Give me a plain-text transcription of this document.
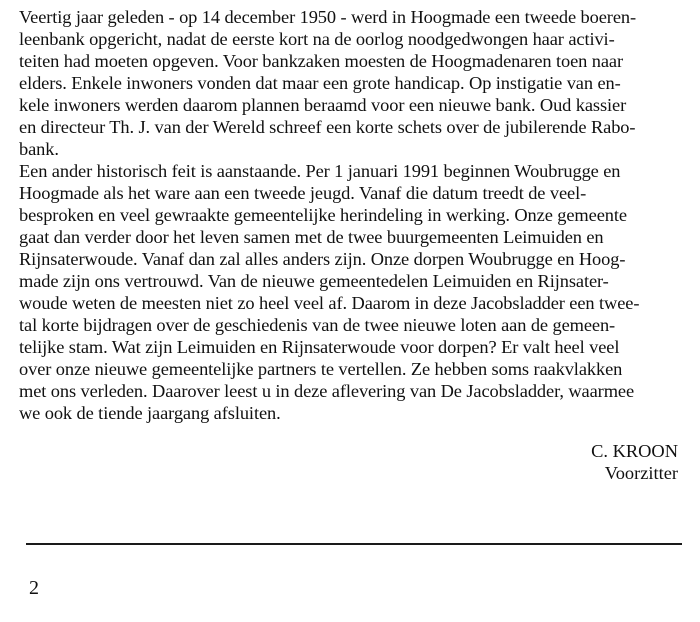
Veertig jaar geleden - op 14 december 1950 - werd in Hoogmade een tweede boeren-
leenbank opgericht, nadat de eerste kort na de oorlog noodgedwongen haar activi-
teiten had moeten opgeven. Voor bankzaken moesten de Hoogmadenaren toen naar
elders. Enkele inwoners vonden dat maar een grote handicap. Op instigatie van en-
kele inwoners werden daarom plannen beraamd voor een nieuwe bank. Oud kassier
en directeur Th. J. van der Wereld schreef een korte schets over de jubilerende Rabo-
bank.
Een ander historisch feit is aanstaande. Per 1 januari 1991 beginnen Woubrugge en
Hoogmade als het ware aan een tweede jeugd. Vanaf die datum treedt de veel-
besproken en veel gewraakte gemeentelijke herindeling in werking. Onze gemeente
gaat dan verder door het leven samen met de twee buurgemeenten Leimuiden en
Rijnsaterwoude. Vanaf dan zal alles anders zijn. Onze dorpen Woubrugge en Hoog-
made zijn ons vertrouwd. Van de nieuwe gemeentedelen Leimuiden en Rijnsater-
woude weten de meesten niet zo heel veel af. Daarom in deze Jacobsladder een twee-
tal korte bijdragen over de geschiedenis van de twee nieuwe loten aan de gemeen-
telijke stam. Wat zijn Leimuiden en Rijnsaterwoude voor dorpen? Er valt heel veel
over onze nieuwe gemeentelijke partners te vertellen. Ze hebben soms raakvlakken
met ons verleden. Daarover leest u in deze aflevering van De Jacobsladder, waarmee
we ook de tiende jaargang afsluiten.
C. KROON
Voorzitter
2
